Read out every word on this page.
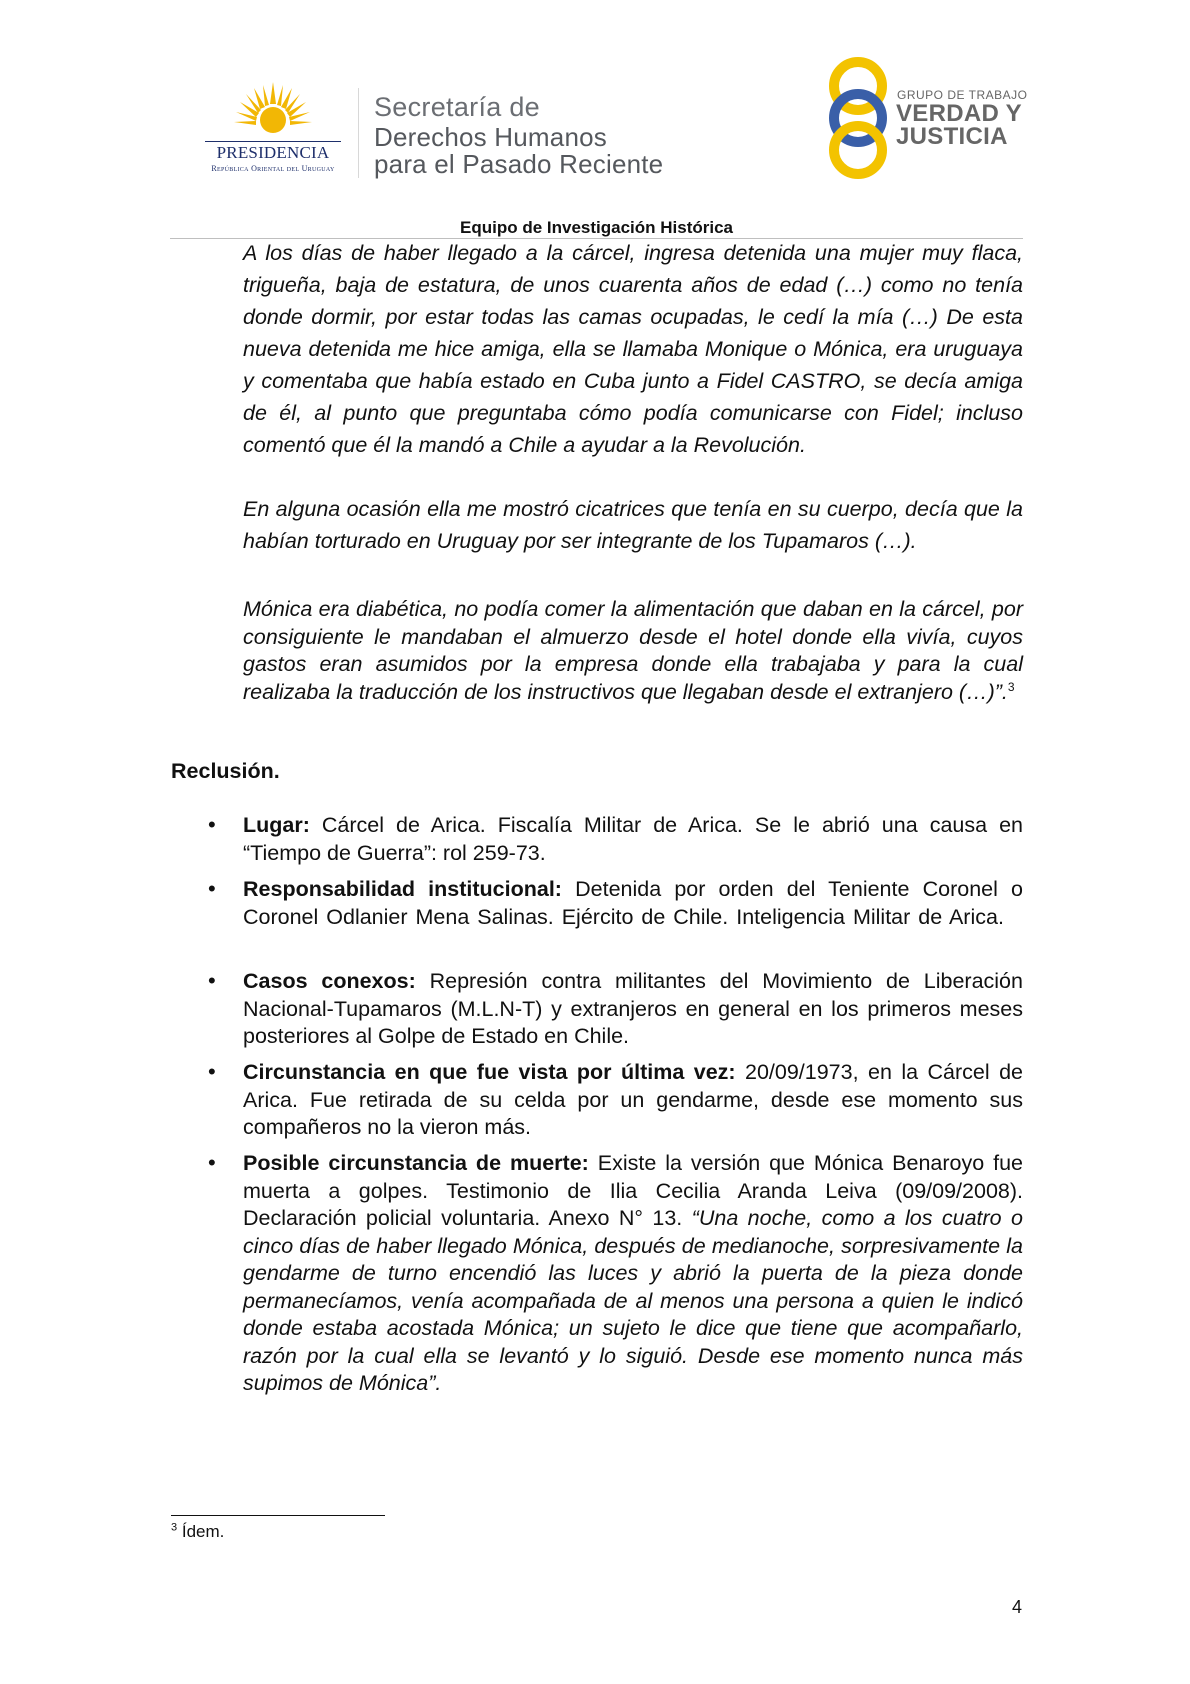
PRESIDENCIA
República Oriental del Uruguay
Secretaría de
Derechos Humanos
para el Pasado Reciente
GRUPO DE TRABAJO
VERDAD Y
JUSTICIA
Equipo de Investigación Histórica
A los días de haber llegado a la cárcel, ingresa detenida una mujer muy flaca, trigueña, baja de estatura, de unos cuarenta años de edad (…) como no tenía donde dormir, por estar todas las camas ocupadas, le cedí la mía (…) De esta nueva detenida me hice amiga, ella se llamaba Monique o Mónica, era uruguaya y comentaba que había estado en Cuba junto a Fidel CASTRO, se decía amiga de él, al punto que preguntaba cómo podía comunicarse con Fidel; incluso comentó que él la mandó a Chile a ayudar a la Revolución.
En alguna ocasión ella me mostró cicatrices que tenía en su cuerpo, decía que la habían torturado en Uruguay por ser integrante de los Tupamaros (…).
Mónica era diabética, no podía comer la alimentación que daban en la cárcel, por consiguiente le mandaban el almuerzo desde el hotel donde ella vivía, cuyos gastos eran asumidos por la empresa donde ella trabajaba y para la cual realizaba la traducción de los instructivos que llegaban desde el extranjero (…)”.$^3$
Reclusión.
• Lugar: Cárcel de Arica. Fiscalía Militar de Arica. Se le abrió una causa en “Tiempo de Guerra”: rol 259-73.
• Responsabilidad institucional: Detenida por orden del Teniente Coronel o Coronel Odlanier Mena Salinas. Ejército de Chile. Inteligencia Militar de Arica.
• Casos conexos: Represión contra militantes del Movimiento de Liberación Nacional-Tupamaros (M.L.N-T) y extranjeros en general en los primeros meses posteriores al Golpe de Estado en Chile.
• Circunstancia en que fue vista por última vez: 20/09/1973, en la Cárcel de Arica. Fue retirada de su celda por un gendarme, desde ese momento sus compañeros no la vieron más.
• Posible circunstancia de muerte: Existe la versión que Mónica Benaroyo fue muerta a golpes. Testimonio de Ilia Cecilia Aranda Leiva (09/09/2008). Declaración policial voluntaria. Anexo N° 13. “Una noche, como a los cuatro o cinco días de haber llegado Mónica, después de medianoche, sorpresivamente la gendarme de turno encendió las luces y abrió la puerta de la pieza donde permanecíamos, venía acompañada de al menos una persona a quien le indicó donde estaba acostada Mónica; un sujeto le dice que tiene que acompañarlo, razón por la cual ella se levantó y lo siguió. Desde ese momento nunca más supimos de Mónica”.
$^3$ Ídem.
4
